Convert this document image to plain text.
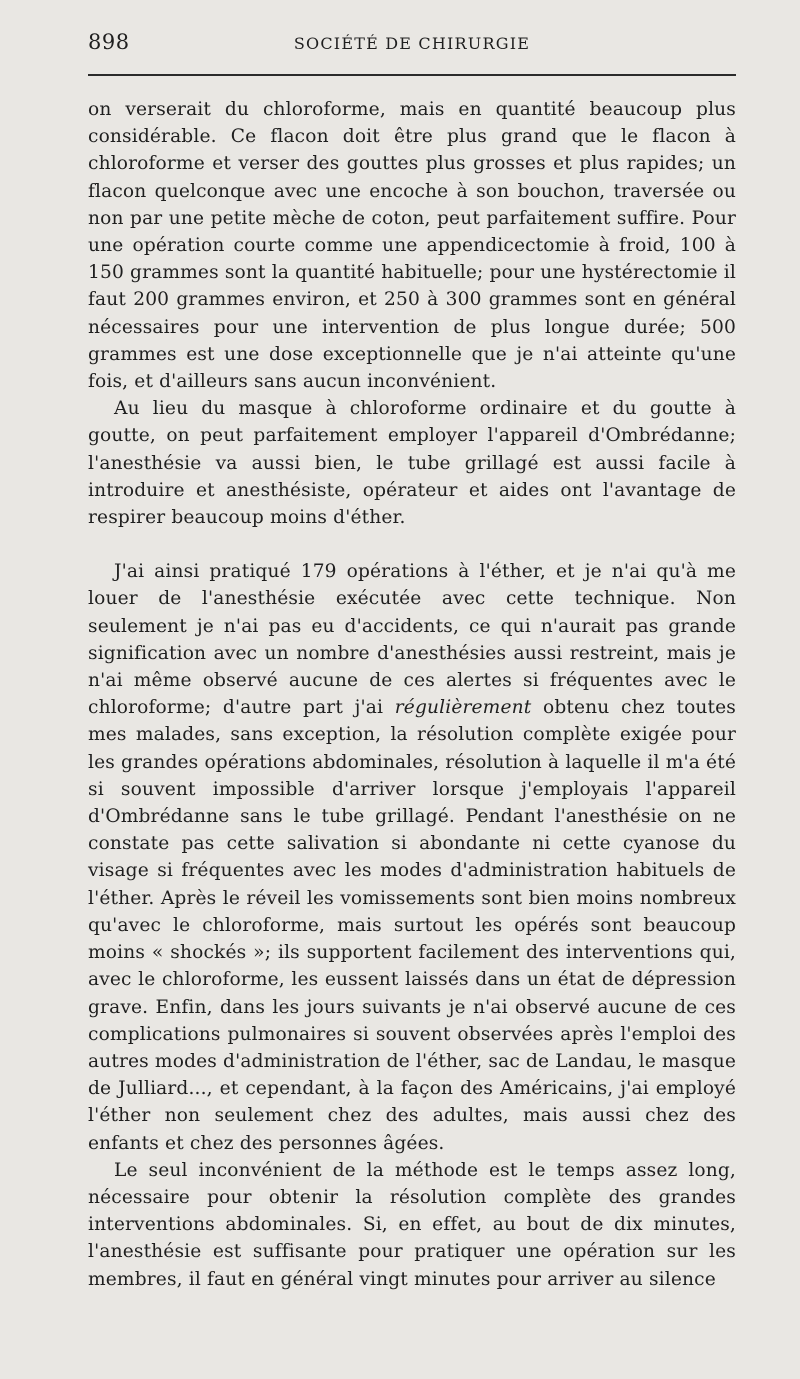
898	SOCIÉTÉ DE CHIRURGIE

on verserait du chloroforme, mais en quantité beaucoup plus considérable. Ce flacon doit être plus grand que le flacon à chloroforme et verser des gouttes plus grosses et plus rapides; un flacon quelconque avec une encoche à son bouchon, traversée ou non par une petite mèche de coton, peut parfaitement suffire. Pour une opération courte comme une appendicectomie à froid, 100 à 150 grammes sont la quantité habituelle; pour une hystérectomie il faut 200 grammes environ, et 250 à 300 grammes sont en général nécessaires pour une intervention de plus longue durée; 500 grammes est une dose exceptionnelle que je n'ai atteinte qu'une fois, et d'ailleurs sans aucun inconvénient.

Au lieu du masque à chloroforme ordinaire et du goutte à goutte, on peut parfaitement employer l'appareil d'Ombrédanne; l'anesthésie va aussi bien, le tube grillagé est aussi facile à introduire et anesthésiste, opérateur et aides ont l'avantage de respirer beaucoup moins d'éther.

J'ai ainsi pratiqué 179 opérations à l'éther, et je n'ai qu'à me louer de l'anesthésie exécutée avec cette technique. Non seulement je n'ai pas eu d'accidents, ce qui n'aurait pas grande signification avec un nombre d'anesthésies aussi restreint, mais je n'ai même observé aucune de ces alertes si fréquentes avec le chloroforme; d'autre part j'ai régulièrement obtenu chez toutes mes malades, sans exception, la résolution complète exigée pour les grandes opérations abdominales, résolution à laquelle il m'a été si souvent impossible d'arriver lorsque j'employais l'appareil d'Ombrédanne sans le tube grillagé. Pendant l'anesthésie on ne constate pas cette salivation si abondante ni cette cyanose du visage si fréquentes avec les modes d'administration habituels de l'éther. Après le réveil les vomissements sont bien moins nombreux qu'avec le chloroforme, mais surtout les opérés sont beaucoup moins « shockés »; ils supportent facilement des interventions qui, avec le chloroforme, les eussent laissés dans un état de dépression grave. Enfin, dans les jours suivants je n'ai observé aucune de ces complications pulmonaires si souvent observées après l'emploi des autres modes d'administration de l'éther, sac de Landau, le masque de Julliard..., et cependant, à la façon des Américains, j'ai employé l'éther non seulement chez des adultes, mais aussi chez des enfants et chez des personnes âgées.

Le seul inconvénient de la méthode est le temps assez long, nécessaire pour obtenir la résolution complète des grandes interventions abdominales. Si, en effet, au bout de dix minutes, l'anesthésie est suffisante pour pratiquer une opération sur les membres, il faut en général vingt minutes pour arriver au silence
